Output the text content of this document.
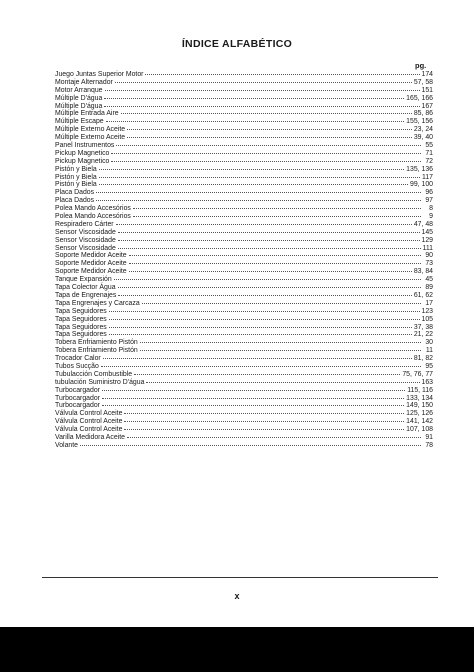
ÍNDICE ALFABÉTICO
pg.
Juego Juntas Superior Motor	174
Montaje Alternador	57, 58
Motor Arranque	151
Múltiple D'água	165, 166
Múltiple D'água	167
Múltiple Entrada Aire	85, 86
Múltiple Escape	155, 156
Múltiple Externo Aceite	23, 24
Múltiple Externo Aceite	39, 40
Panel Instrumentos	55
Pickup Magnetico	71
Pickup Magnetico	72
Pistón y Biela	135, 136
Pistón y Biela	117
Pistón y Biela	99, 100
Placa Dados	96
Placa Dados	97
Polea Mando Accesórios	8
Polea Mando Accesórios	9
Respiradero Cárter	47, 48
Sensor Viscosidade	145
Sensor Viscosidade	129
Sensor Viscosidade	111
Soporte Medidor Aceite	90
Soporte Medidor Aceite	73
Soporte Medidor Aceite	83, 84
Tanque Expansión	45
Tapa Colector Água	89
Tapa de Engrenajes	61, 62
Tapa Engrenajes y Carcaza	17
Tapa Seguidores	123
Tapa Seguidores	105
Tapa Seguidores	37, 38
Tapa Seguidores	21, 22
Tobera Enfriamiento Pistón	30
Tobera Enfriamiento Pistón	11
Trocador Calor	81, 82
Tubos Sucção	95
Tubulacción Combustible	75, 76, 77
tubulación Suministro D'água	163
Turbocargador	115, 116
Turbocargador	133, 134
Turbocargador	149, 150
Válvula Control Aceite	125, 126
Válvula Control Aceite	141, 142
Válvula Control Aceite	107, 108
Varilla Medidora Aceite	91
Volante	78
x
